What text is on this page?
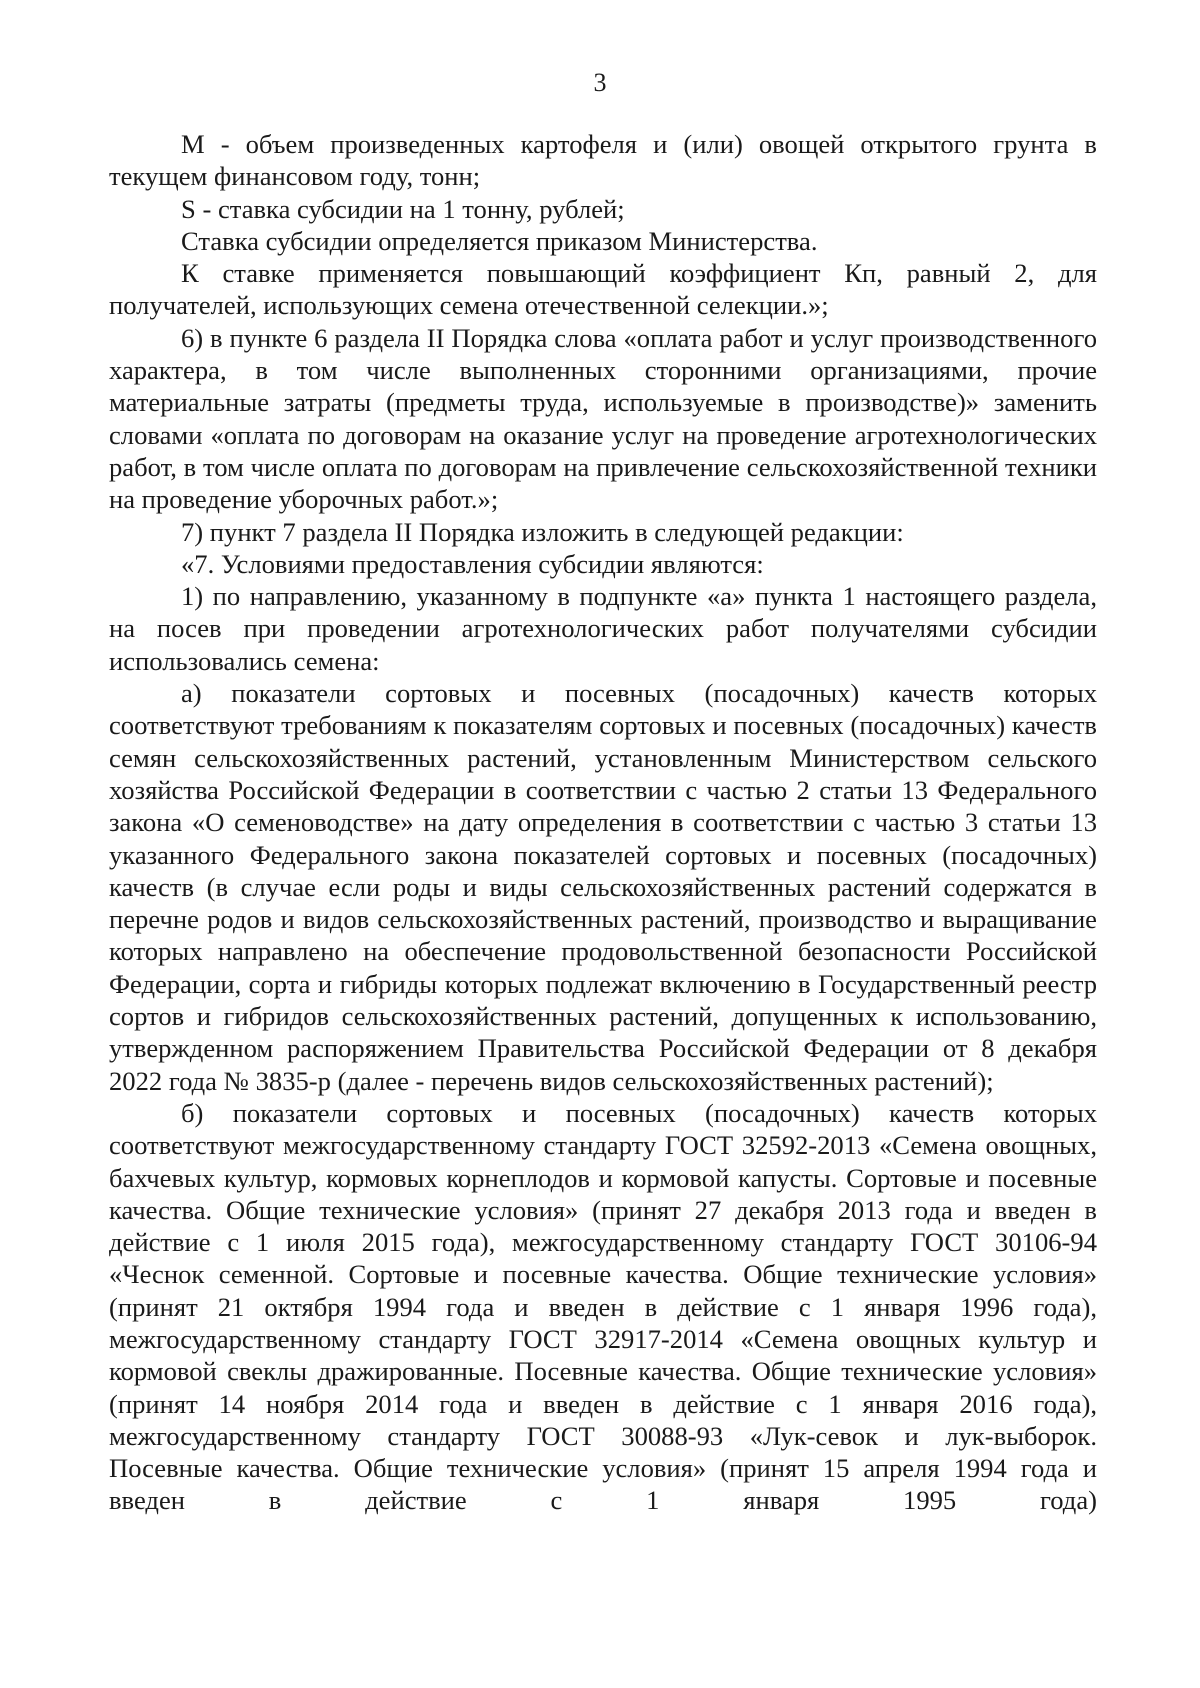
3

M - объем произведенных картофеля и (или) овощей открытого грунта в текущем финансовом году, тонн;

S - ставка субсидии на 1 тонну, рублей;

Ставка субсидии определяется приказом Министерства.

К ставке применяется повышающий коэффициент Кп, равный 2, для получателей, использующих семена отечественной селекции.»;

6) в пункте 6 раздела II Порядка слова «оплата работ и услуг производственного характера, в том числе выполненных сторонними организациями, прочие материальные затраты (предметы труда, используемые в производстве)» заменить словами «оплата по договорам на оказание услуг на проведение агротехнологических работ, в том числе оплата по договорам на привлечение сельскохозяйственной техники на проведение уборочных работ.»;

7) пункт 7 раздела II Порядка изложить в следующей редакции:

«7. Условиями предоставления субсидии являются:

1) по направлению, указанному в подпункте «а» пункта 1 настоящего раздела, на посев при проведении агротехнологических работ получателями субсидии использовались семена:

а) показатели сортовых и посевных (посадочных) качеств которых соответствуют требованиям к показателям сортовых и посевных (посадочных) качеств семян сельскохозяйственных растений, установленным Министерством сельского хозяйства Российской Федерации в соответствии с частью 2 статьи 13 Федерального закона «О семеноводстве» на дату определения в соответствии с частью 3 статьи 13 указанного Федерального закона показателей сортовых и посевных (посадочных) качеств (в случае если роды и виды сельскохозяйственных растений содержатся в перечне родов и видов сельскохозяйственных растений, производство и выращивание которых направлено на обеспечение продовольственной безопасности Российской Федерации, сорта и гибриды которых подлежат включению в Государственный реестр сортов и гибридов сельскохозяйственных растений, допущенных к использованию, утвержденном распоряжением Правительства Российской Федерации от 8 декабря 2022 года № 3835-р (далее - перечень видов сельскохозяйственных растений);

б) показатели сортовых и посевных (посадочных) качеств которых соответствуют межгосударственному стандарту ГОСТ 32592-2013 «Семена овощных, бахчевых культур, кормовых корнеплодов и кормовой капусты. Сортовые и посевные качества. Общие технические условия» (принят 27 декабря 2013 года и введен в действие с 1 июля 2015 года), межгосударственному стандарту ГОСТ 30106-94 «Чеснок семенной. Сортовые и посевные качества. Общие технические условия» (принят 21 октября 1994 года и введен в действие с 1 января 1996 года), межгосударственному стандарту ГОСТ 32917-2014 «Семена овощных культур и кормовой свеклы дражированные. Посевные качества. Общие технические условия» (принят 14 ноября 2014 года и введен в действие с 1 января 2016 года), межгосударственному стандарту ГОСТ 30088-93 «Лук-севок и лук-выборок. Посевные качества. Общие технические условия» (принят 15 апреля 1994 года и введен в действие с 1 января 1995 года)
